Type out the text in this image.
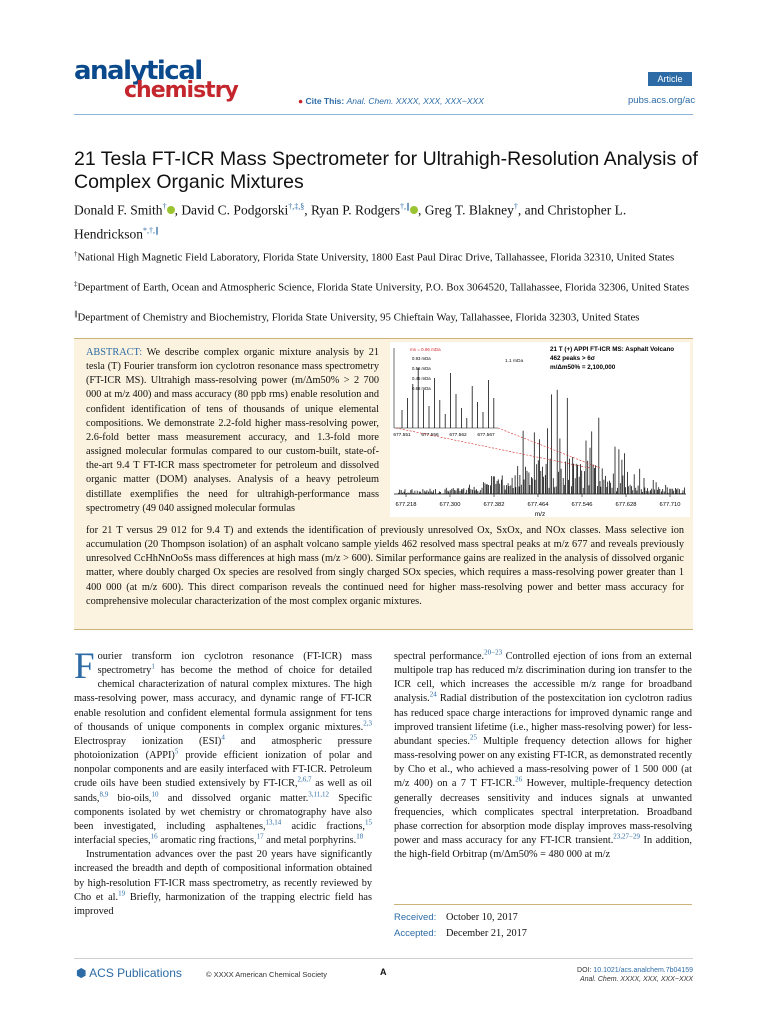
analytical
chemistry	Article
● Cite This: Anal. Chem. XXXX, XXX, XXX−XXX	pubs.acs.org/ac
21 Tesla FT-ICR Mass Spectrometer for Ultrahigh-Resolution Analysis of Complex Organic Mixtures
Donald F. Smith† , David C. Podgorski†,‡,§, Ryan P. Rodgers†,∥ , Greg T. Blakney†, and Christopher L. Hendrickson*,†,∥
†National High Magnetic Field Laboratory, Florida State University, 1800 East Paul Dirac Drive, Tallahassee, Florida 32310, United States
‡Department of Earth, Ocean and Atmospheric Science, Florida State University, P.O. Box 3064520, Tallahassee, Florida 32306, United States
∥Department of Chemistry and Biochemistry, Florida State University, 95 Chieftain Way, Tallahassee, Florida 32303, United States
ABSTRACT: We describe complex organic mixture analysis by 21 tesla (T) Fourier transform ion cyclotron resonance mass spectrometry (FT-ICR MS). Ultrahigh mass-resolving power (m/Δm50% > 2 700 000 at m/z 400) and mass accuracy (80 ppb rms) enable resolution and confident identification of tens of thousands of unique elemental compositions. We demonstrate 2.2-fold higher mass-resolving power, 2.6-fold better mass measurement accuracy, and 1.3-fold more assigned molecular formulas compared to our custom-built, state-of-the-art 9.4 T FT-ICR mass spectrometer for petroleum and dissolved organic matter (DOM) analyses. Analysis of a heavy petroleum distillate exemplifies the need for ultrahigh-performance mass spectrometry (49 040 assigned molecular formulas
for 21 T versus 29 012 for 9.4 T) and extends the identification of previously unresolved Ox, SxOx, and NOx classes. Mass selective ion accumulation (20 Thompson isolation) of an asphalt volcano sample yields 462 resolved mass spectral peaks at m/z 677 and reveals previously unresolved CcHhNnOoSs mass differences at high mass (m/z > 600). Similar performance gains are realized in the analysis of dissolved organic matter, where doubly charged Ox species are resolved from singly charged SOx species, which requires a mass-resolving power greater than 1 400 000 (at m/z 600). This direct comparison reveals the continued need for higher mass-resolving power and better mass accuracy for comprehensive molecular characterization of the most complex organic mixtures.
677.218	677.300	677.382	677.464	677.546	677.628	677.710
m/z
677.551 677.556 677.562 677.567
ms = 0.96 mDa
0.93 mDa
0.56 mDa
0.45 mDa
0.68 mDa
1.1 mDa
21 T (+) APPI FT-ICR MS: Asphalt Volcano
462 peaks > 6σ
m/Δm50% = 2,100,000

Fourier transform ion cyclotron resonance (FT-ICR) mass spectrometry$^1$ has become the method of choice for detailed chemical characterization of natural complex mixtures. The high mass-resolving power, mass accuracy, and dynamic range of FT-ICR enable resolution and confident elemental formula assignment for tens of thousands of unique components in complex organic mixtures.$^{2,3}$ Electrospray ionization (ESI)$^4$ and atmospheric pressure photoionization (APPI)$^5$ provide efficient ionization of polar and nonpolar components and are easily interfaced with FT-ICR. Petroleum crude oils have been studied extensively by FT-ICR,$^{2,6,7}$ as well as oil sands,$^{8,9}$ bio-oils,$^{10}$ and dissolved organic matter.$^{3,11,12}$ Specific components isolated by wet chemistry or chromatography have also been investigated, including asphaltenes,$^{13,14}$ acidic fractions,$^{15}$ interfacial species,$^{16}$ aromatic ring fractions,$^{17}$ and metal porphyrins.$^{18}$

Instrumentation advances over the past 20 years have significantly increased the breadth and depth of compositional information obtained by high-resolution FT-ICR mass spectrometry, as recently reviewed by Cho et al.$^{19}$ Briefly, harmonization of the trapping electric field has improved

spectral performance.$^{20-23}$ Controlled ejection of ions from an external multipole trap has reduced m/z discrimination during ion transfer to the ICR cell, which increases the accessible m/z range for broadband analysis.$^{24}$ Radial distribution of the postexcitation ion cyclotron radius has reduced space charge interactions for improved dynamic range and improved transient lifetime (i.e., higher mass-resolving power) for less-abundant species.$^{25}$ Multiple frequency detection allows for higher mass-resolving power on any existing FT-ICR, as demonstrated recently by Cho et al., who achieved a mass-resolving power of 1 500 000 (at m/z 400) on a 7 T FT-ICR.$^{26}$ However, multiple-frequency detection generally decreases sensitivity and induces signals at unwanted frequencies, which complicates spectral interpretation. Broadband phase correction for absorption mode display improves mass-resolving power and mass accuracy for any FT-ICR transient.$^{23,27-29}$ In addition, the high-field Orbitrap (m/Δm50% = 480 000 at m/z

Received: October 10, 2017
Accepted: December 21, 2017
⬢ ACS Publications	© XXXX American Chemical Society	A	DOI: 10.1021/acs.analchem.7b04159
Anal. Chem. XXXX, XXX, XXX−XXX
